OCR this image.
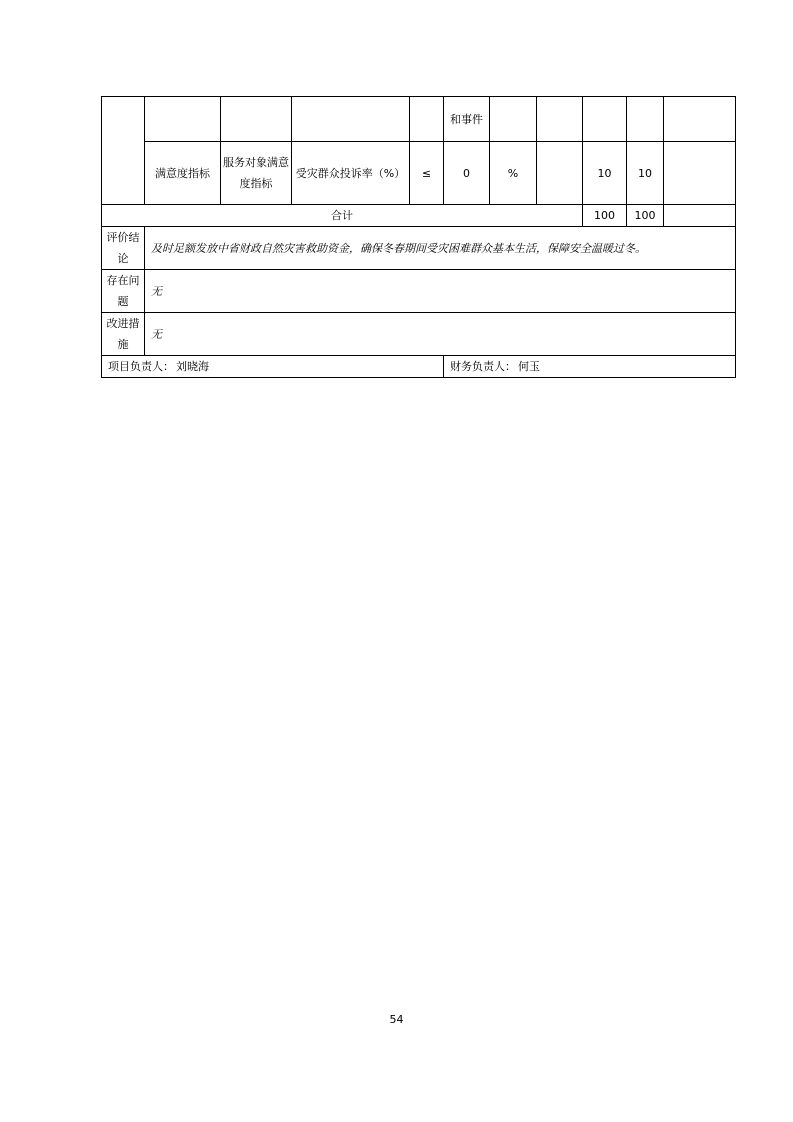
					和事件					
	满意度指标	服务对象满意度指标	受灾群众投诉率（%）	≤	0	%		10	10	
合计								100	100	
评价结论	及时足额发放中省财政自然灾害救助资金，确保冬春期间受灾困难群众基本生活，保障安全温暖过冬。									
存在问题	无									
改进措施	无									
项目负责人： 刘晓海					财务负责人： 何玉					
54
